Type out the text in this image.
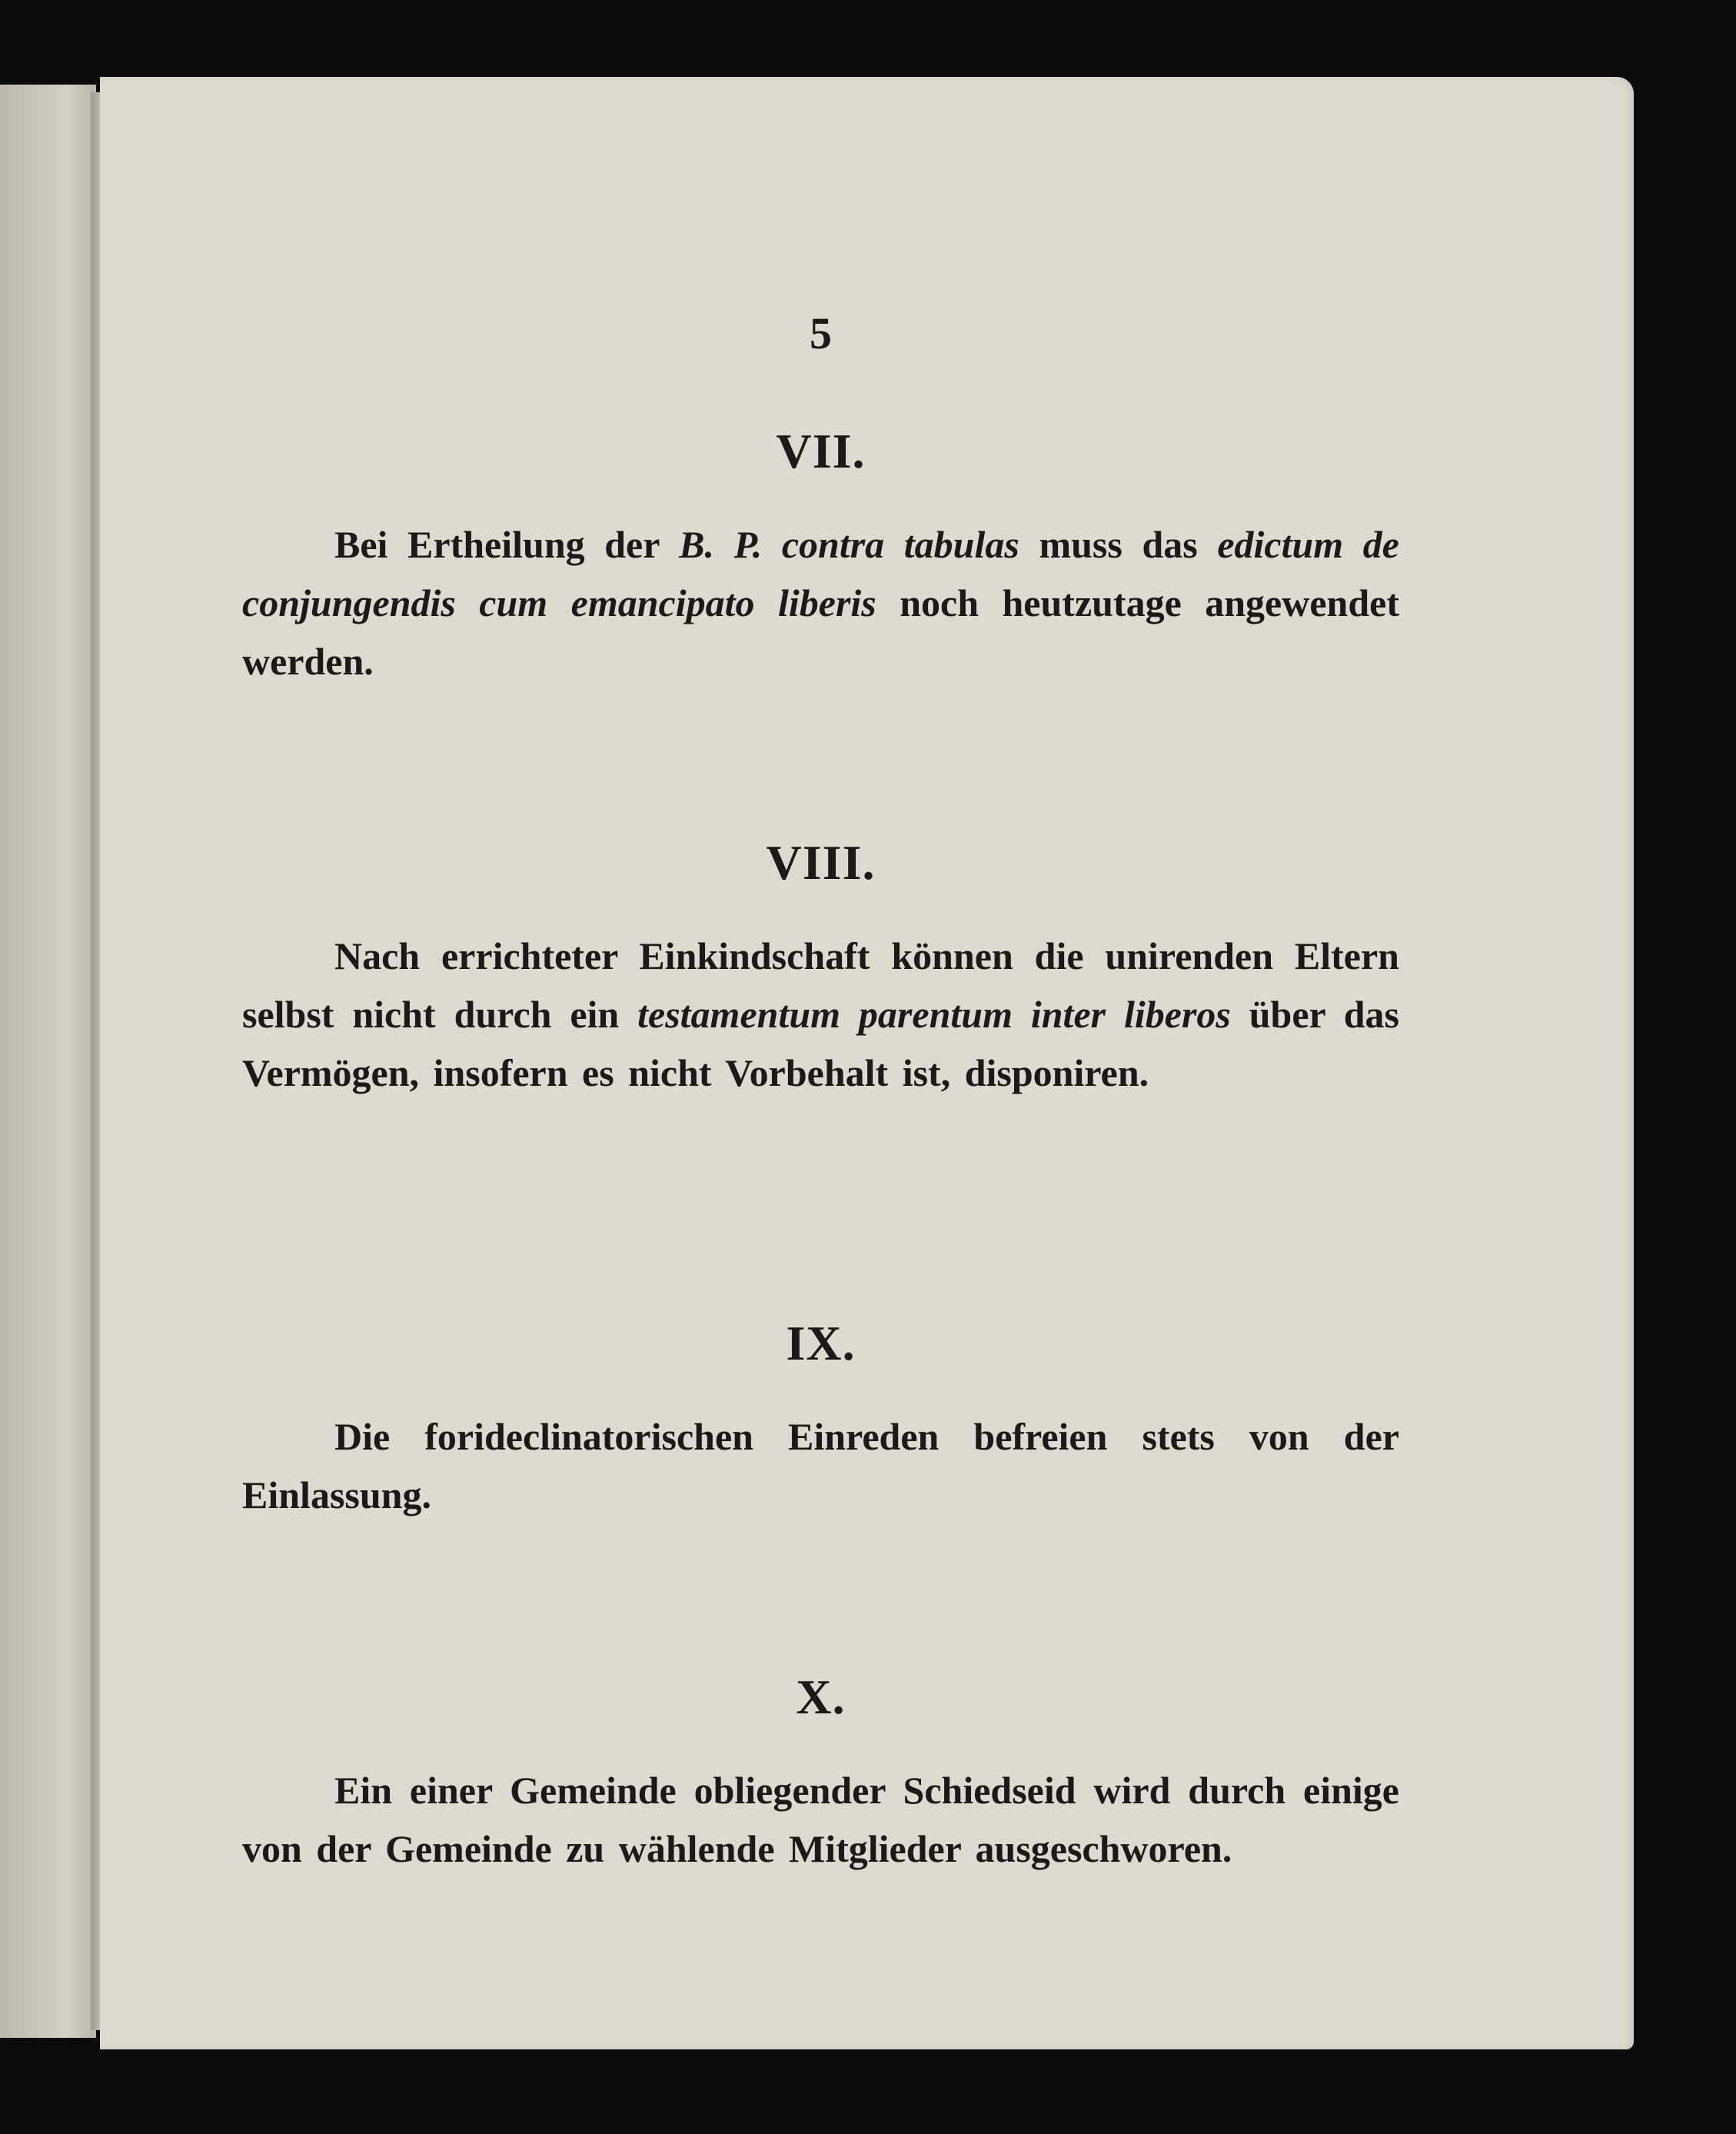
5
VII.
Bei Ertheilung der B. P. contra tabulas muss das edictum de conjungendis cum emancipato liberis noch heutzutage angewendet werden.
VIII.
Nach errichteter Einkindschaft können die unirenden Eltern selbst nicht durch ein testamentum parentum inter liberos über das Vermögen, insofern es nicht Vorbehalt ist, disponiren.
IX.
Die forideclinatorischen Einreden befreien stets von der Einlassung.
X.
Ein einer Gemeinde obliegender Schiedseid wird durch einige von der Gemeinde zu wählende Mitglieder ausgeschworen.
